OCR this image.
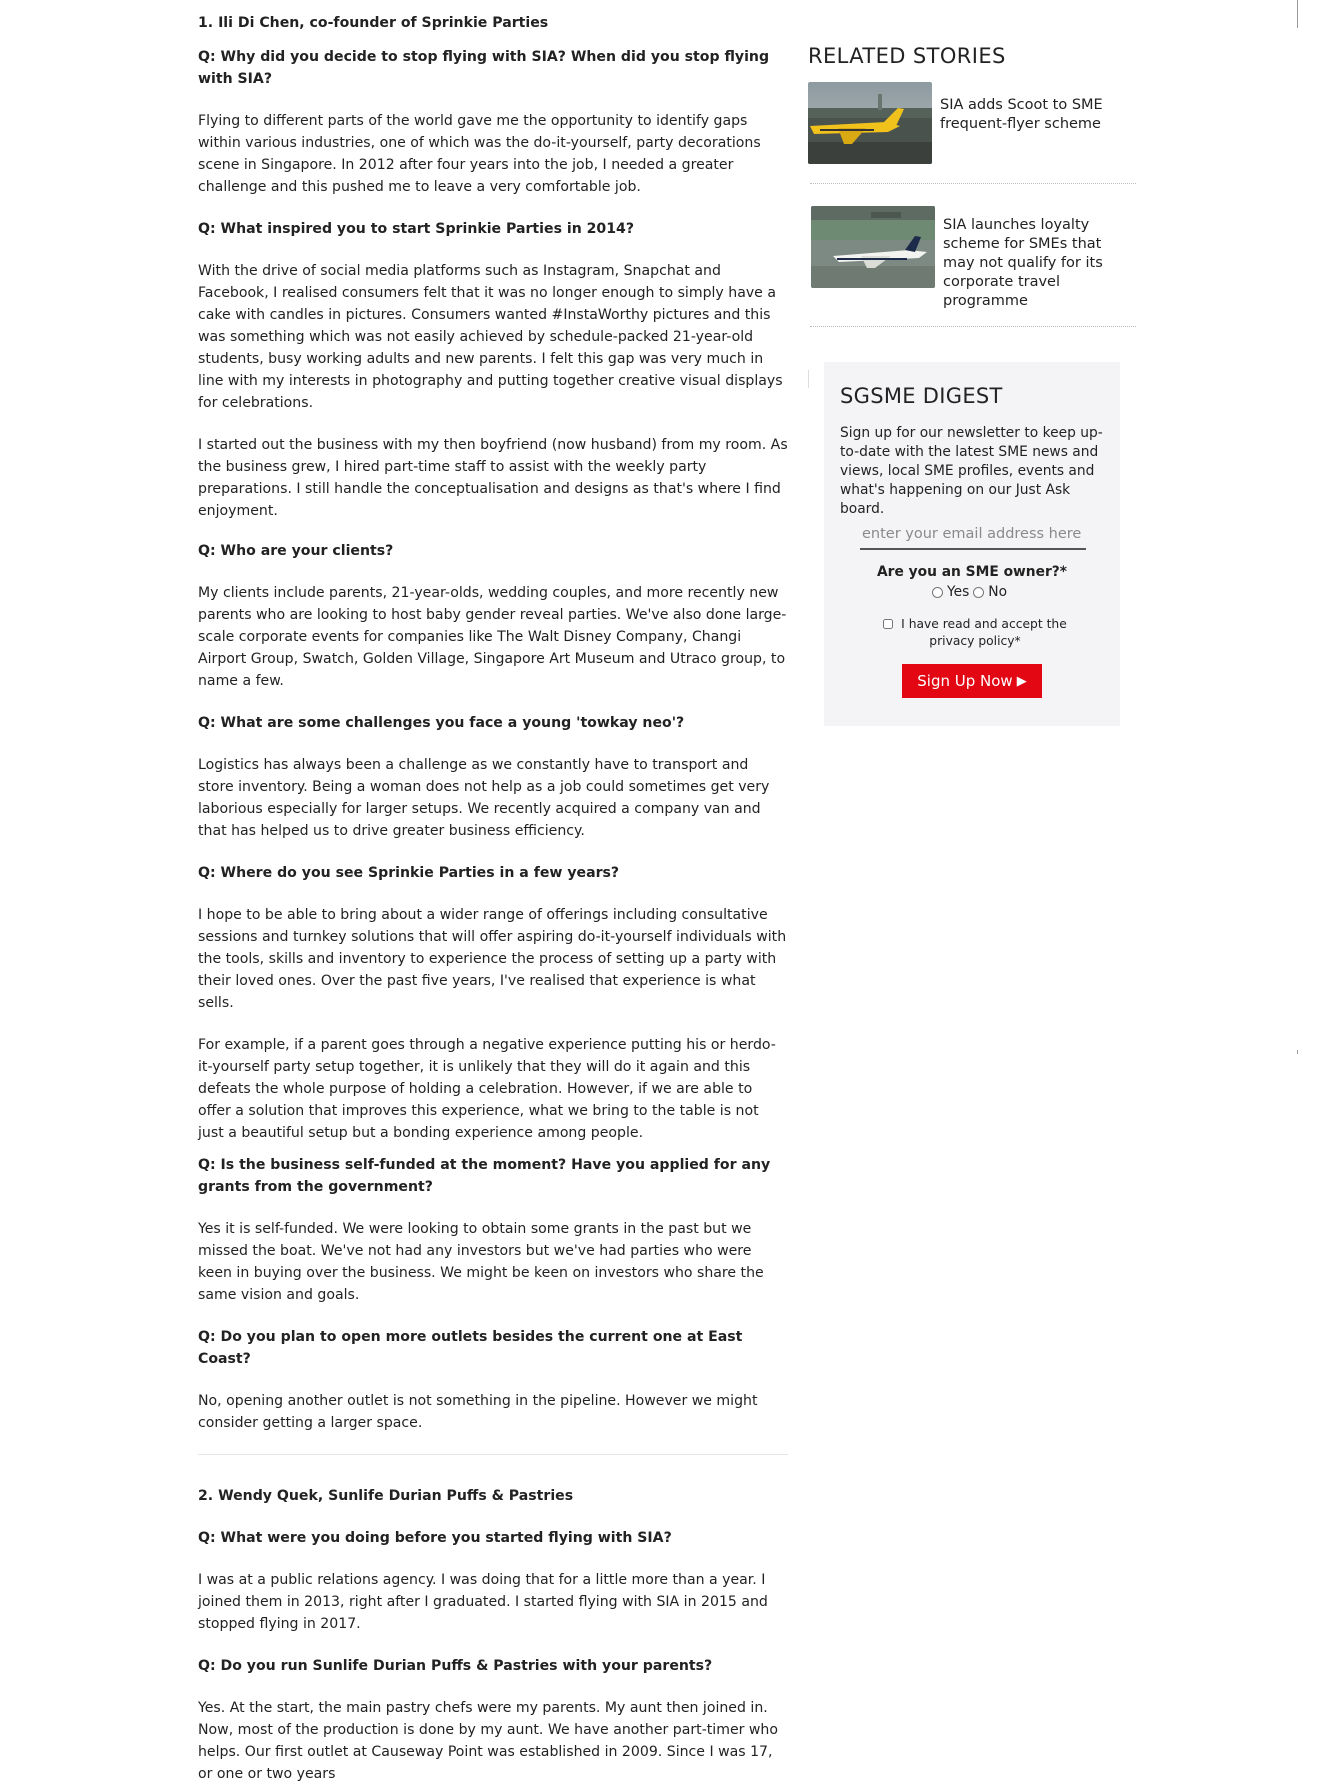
1. Ili Di Chen, co-founder of Sprinkie Parties

Q: Why did you decide to stop flying with SIA? When did you stop flying with SIA?

Flying to different parts of the world gave me the opportunity to identify gaps within various industries, one of which was the do-it-yourself, party decorations scene in Singapore. In 2012 after four years into the job, I needed a greater challenge and this pushed me to leave a very comfortable job.

Q: What inspired you to start Sprinkie Parties in 2014?

With the drive of social media platforms such as Instagram, Snapchat and Facebook, I realised consumers felt that it was no longer enough to simply have a cake with candles in pictures. Consumers wanted #InstaWorthy pictures and this was something which was not easily achieved by schedule-packed 21-year-old students, busy working adults and new parents. I felt this gap was very much in line with my interests in photography and putting together creative visual displays for celebrations.

I started out the business with my then boyfriend (now husband) from my room. As the business grew, I hired part-time staff to assist with the weekly party preparations. I still handle the conceptualisation and designs as that's where I find enjoyment.

Q: Who are your clients?

My clients include parents, 21-year-olds, wedding couples, and more recently new parents who are looking to host baby gender reveal parties. We've also done large-scale corporate events for companies like The Walt Disney Company, Changi Airport Group, Swatch, Golden Village, Singapore Art Museum and Utraco group, to name a few.

Q: What are some challenges you face a young 'towkay neo'?

Logistics has always been a challenge as we constantly have to transport and store inventory. Being a woman does not help as a job could sometimes get very laborious especially for larger setups. We recently acquired a company van and that has helped us to drive greater business efficiency.

Q: Where do you see Sprinkie Parties in a few years?

I hope to be able to bring about a wider range of offerings including consultative sessions and turnkey solutions that will offer aspiring do-it-yourself individuals with the tools, skills and inventory to experience the process of setting up a party with their loved ones. Over the past five years, I've realised that experience is what sells.

For example, if a parent goes through a negative experience putting his or herdo-it-yourself party setup together, it is unlikely that they will do it again and this defeats the whole purpose of holding a celebration. However, if we are able to offer a solution that improves this experience, what we bring to the table is not just a beautiful setup but a bonding experience among people.

Q: Is the business self-funded at the moment? Have you applied for any grants from the government?

Yes it is self-funded. We were looking to obtain some grants in the past but we missed the boat. We've not had any investors but we've had parties who were keen in buying over the business. We might be keen on investors who share the same vision and goals.

Q: Do you plan to open more outlets besides the current one at East Coast?

No, opening another outlet is not something in the pipeline. However we might consider getting a larger space.

2. Wendy Quek, Sunlife Durian Puffs & Pastries

Q: What were you doing before you started flying with SIA?

I was at a public relations agency. I was doing that for a little more than a year. I joined them in 2013, right after I graduated. I started flying with SIA in 2015 and stopped flying in 2017.

Q: Do you run Sunlife Durian Puffs & Pastries with your parents?

Yes. At the start, the main pastry chefs were my parents. My aunt then joined in. Now, most of the production is done by my aunt. We have another part-timer who helps. Our first outlet at Causeway Point was established in 2009. Since I was 17, or one or two years

RELATED STORIES
SIA adds Scoot to SME frequent-flyer scheme
SIA launches loyalty scheme for SMEs that may not qualify for its corporate travel programme
SGSME DIGEST
Sign up for our newsletter to keep up-to-date with the latest SME news and views, local SME profiles, events and what's happening on our Just Ask board.
enter your email address here *
Are you an SME owner?*
Yes No
I have read and accept the privacy policy*
Sign Up Now ▶
